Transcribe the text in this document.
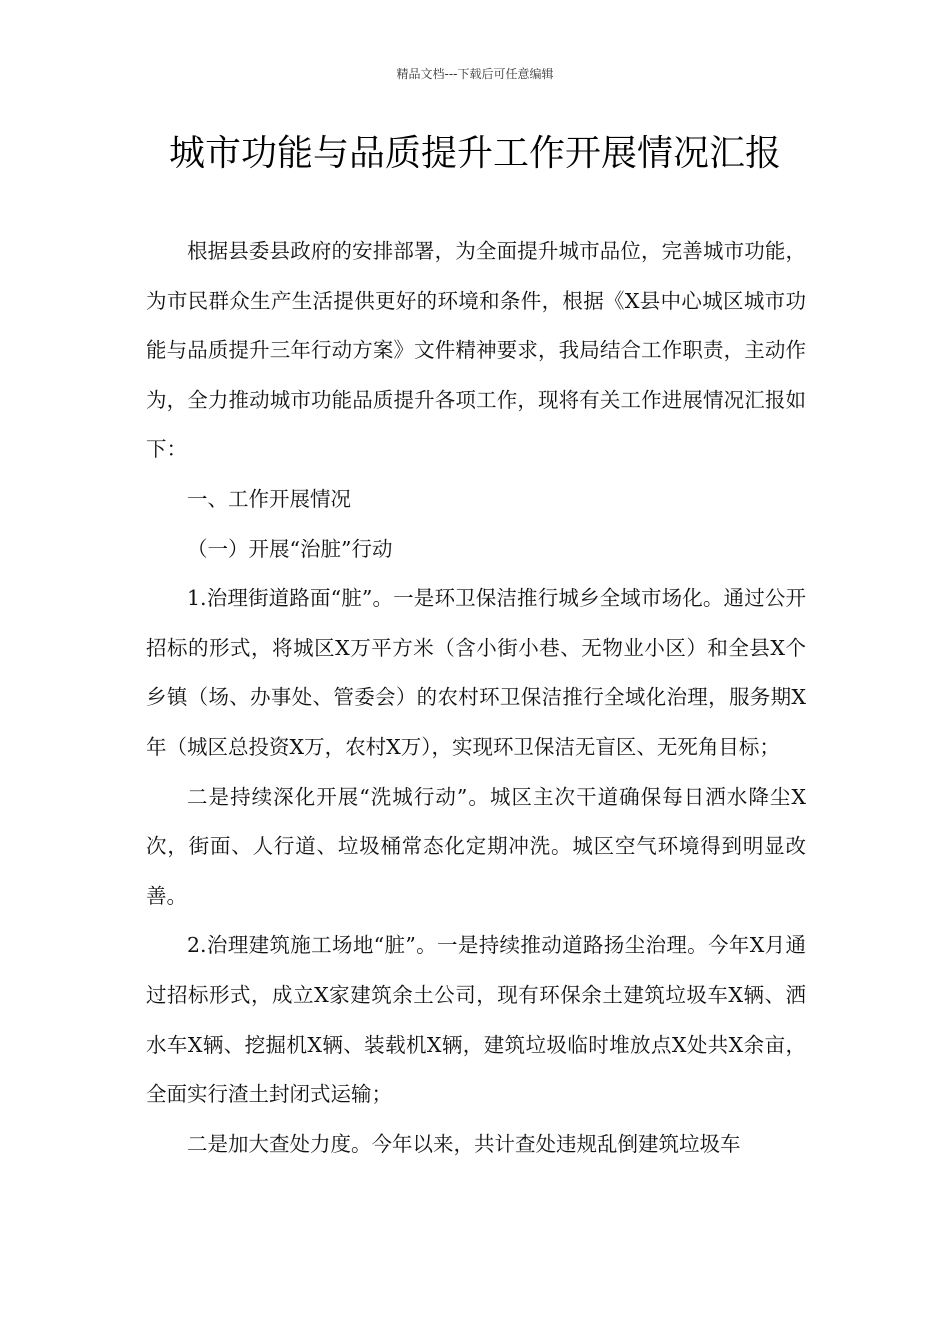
精品文档---下载后可任意编辑
城市功能与品质提升工作开展情况汇报

根据县委县政府的安排部署，为全面提升城市品位，完善城市功能，为市民群众生产生活提供更好的环境和条件，根据《X县中心城区城市功能与品质提升三年行动方案》文件精神要求，我局结合工作职责，主动作为，全力推动城市功能品质提升各项工作，现将有关工作进展情况汇报如下：

一、工作开展情况

（一）开展“治脏”行动

1.治理街道路面“脏”。一是环卫保洁推行城乡全域市场化。通过公开招标的形式，将城区X万平方米（含小街小巷、无物业小区）和全县X个乡镇（场、办事处、管委会）的农村环卫保洁推行全域化治理，服务期X年（城区总投资X万，农村X万），实现环卫保洁无盲区、无死角目标；

二是持续深化开展“洗城行动”。城区主次干道确保每日洒水降尘X次，街面、人行道、垃圾桶常态化定期冲洗。城区空气环境得到明显改善。

2.治理建筑施工场地“脏”。一是持续推动道路扬尘治理。今年X月通过招标形式，成立X家建筑余土公司，现有环保余土建筑垃圾车X辆、洒水车X辆、挖掘机X辆、装载机X辆，建筑垃圾临时堆放点X处共X余亩，全面实行渣土封闭式运输；

二是加大查处力度。今年以来，共计查处违规乱倒建筑垃圾车
